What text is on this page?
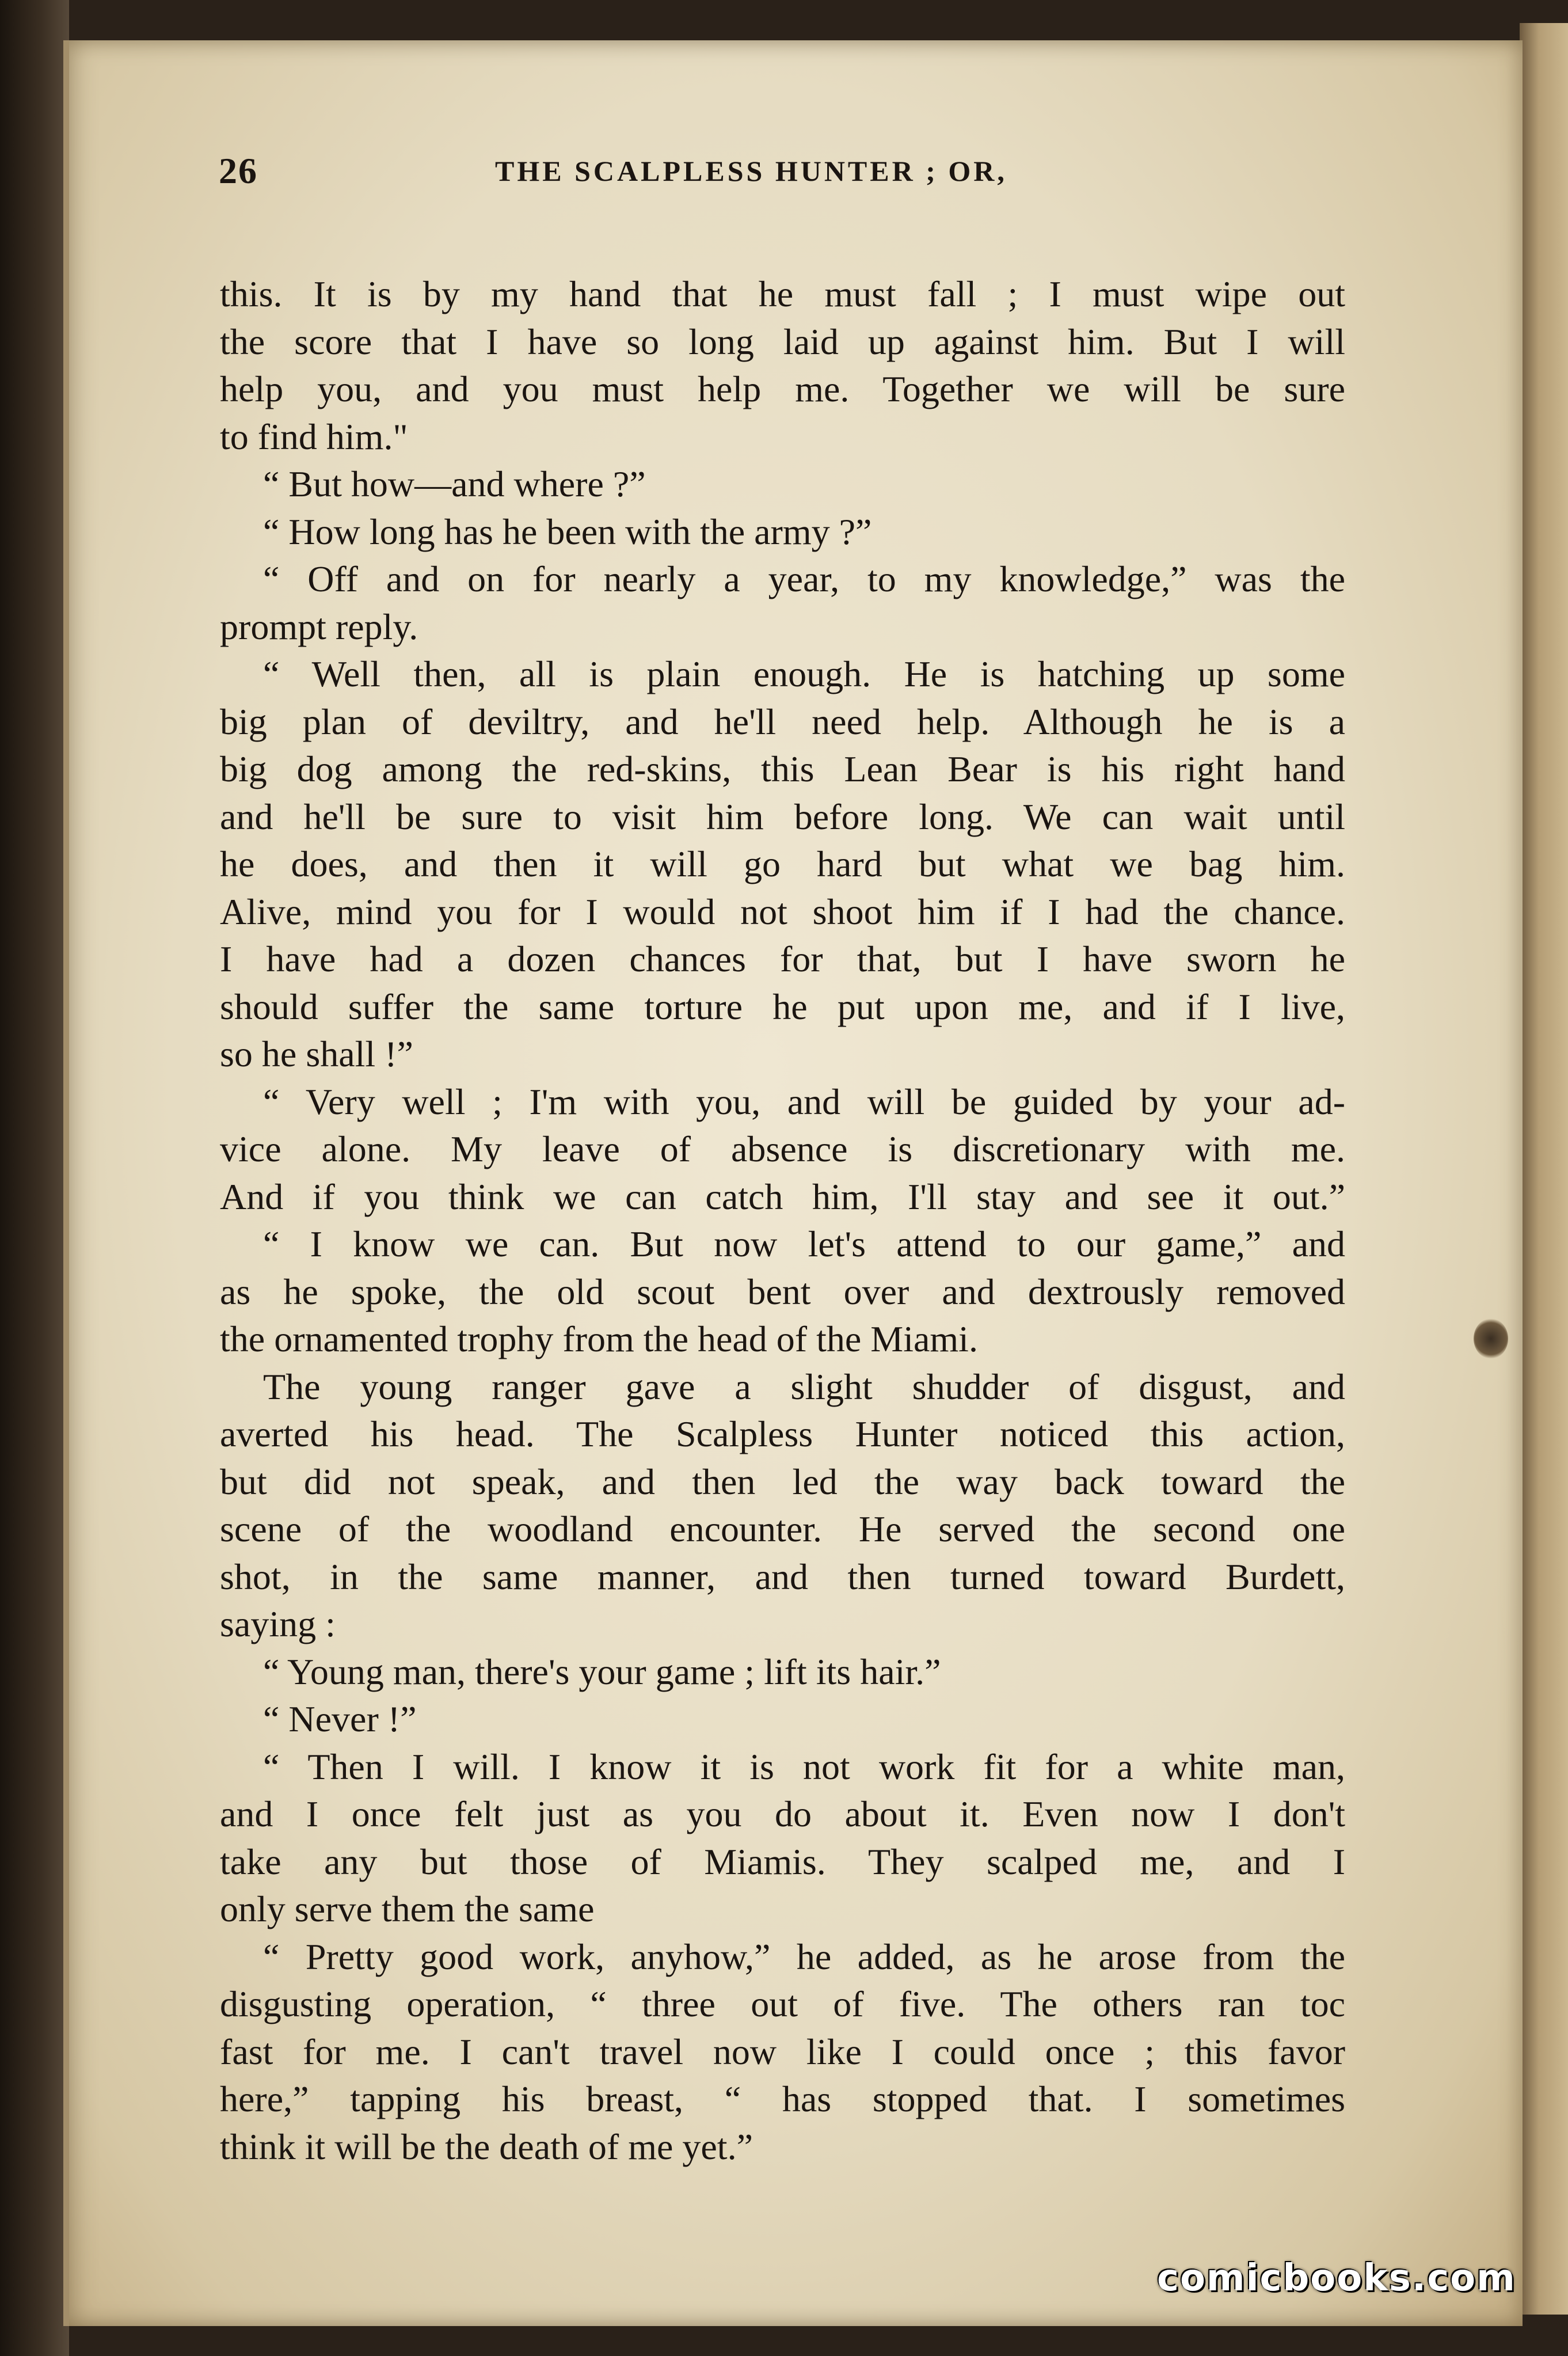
26	THE SCALPLESS HUNTER ; OR,
this. It is by my hand that he must fall ; I must wipe out
the score that I have so long laid up against him. But I will
help you, and you must help me. Together we will be sure
to find him."
“ But how—and where ?”
“ How long has he been with the army ?”
“ Off and on for nearly a year, to my knowledge,” was the
prompt reply.
“ Well then, all is plain enough. He is hatching up some
big plan of deviltry, and he'll need help. Although he is a
big dog among the red-skins, this Lean Bear is his right hand
and he'll be sure to visit him before long. We can wait until
he does, and then it will go hard but what we bag him.
Alive, mind you for I would not shoot him if I had the chance.
I have had a dozen chances for that, but I have sworn he
should suffer the same torture he put upon me, and if I live,
so he shall !”
“ Very well ; I'm with you, and will be guided by your ad-
vice alone. My leave of absence is discretionary with me.
And if you think we can catch him, I'll stay and see it out.”
“ I know we can. But now let's attend to our game,” and
as he spoke, the old scout bent over and dextrously removed
the ornamented trophy from the head of the Miami.
The young ranger gave a slight shudder of disgust, and
averted his head. The Scalpless Hunter noticed this action,
but did not speak, and then led the way back toward the
scene of the woodland encounter. He served the second one
shot, in the same manner, and then turned toward Burdett,
saying :
“ Young man, there's your game ; lift its hair.”
“ Never !”
“ Then I will. I know it is not work fit for a white man,
and I once felt just as you do about it. Even now I don't
take any but those of Miamis. They scalped me, and I
only serve them the same
“ Pretty good work, anyhow,” he added, as he arose from the
disgusting operation, “ three out of five. The others ran toc
fast for me. I can't travel now like I could once ; this favor
here,” tapping his breast, “ has stopped that. I sometimes
think it will be the death of me yet.”
comicbooks.com
